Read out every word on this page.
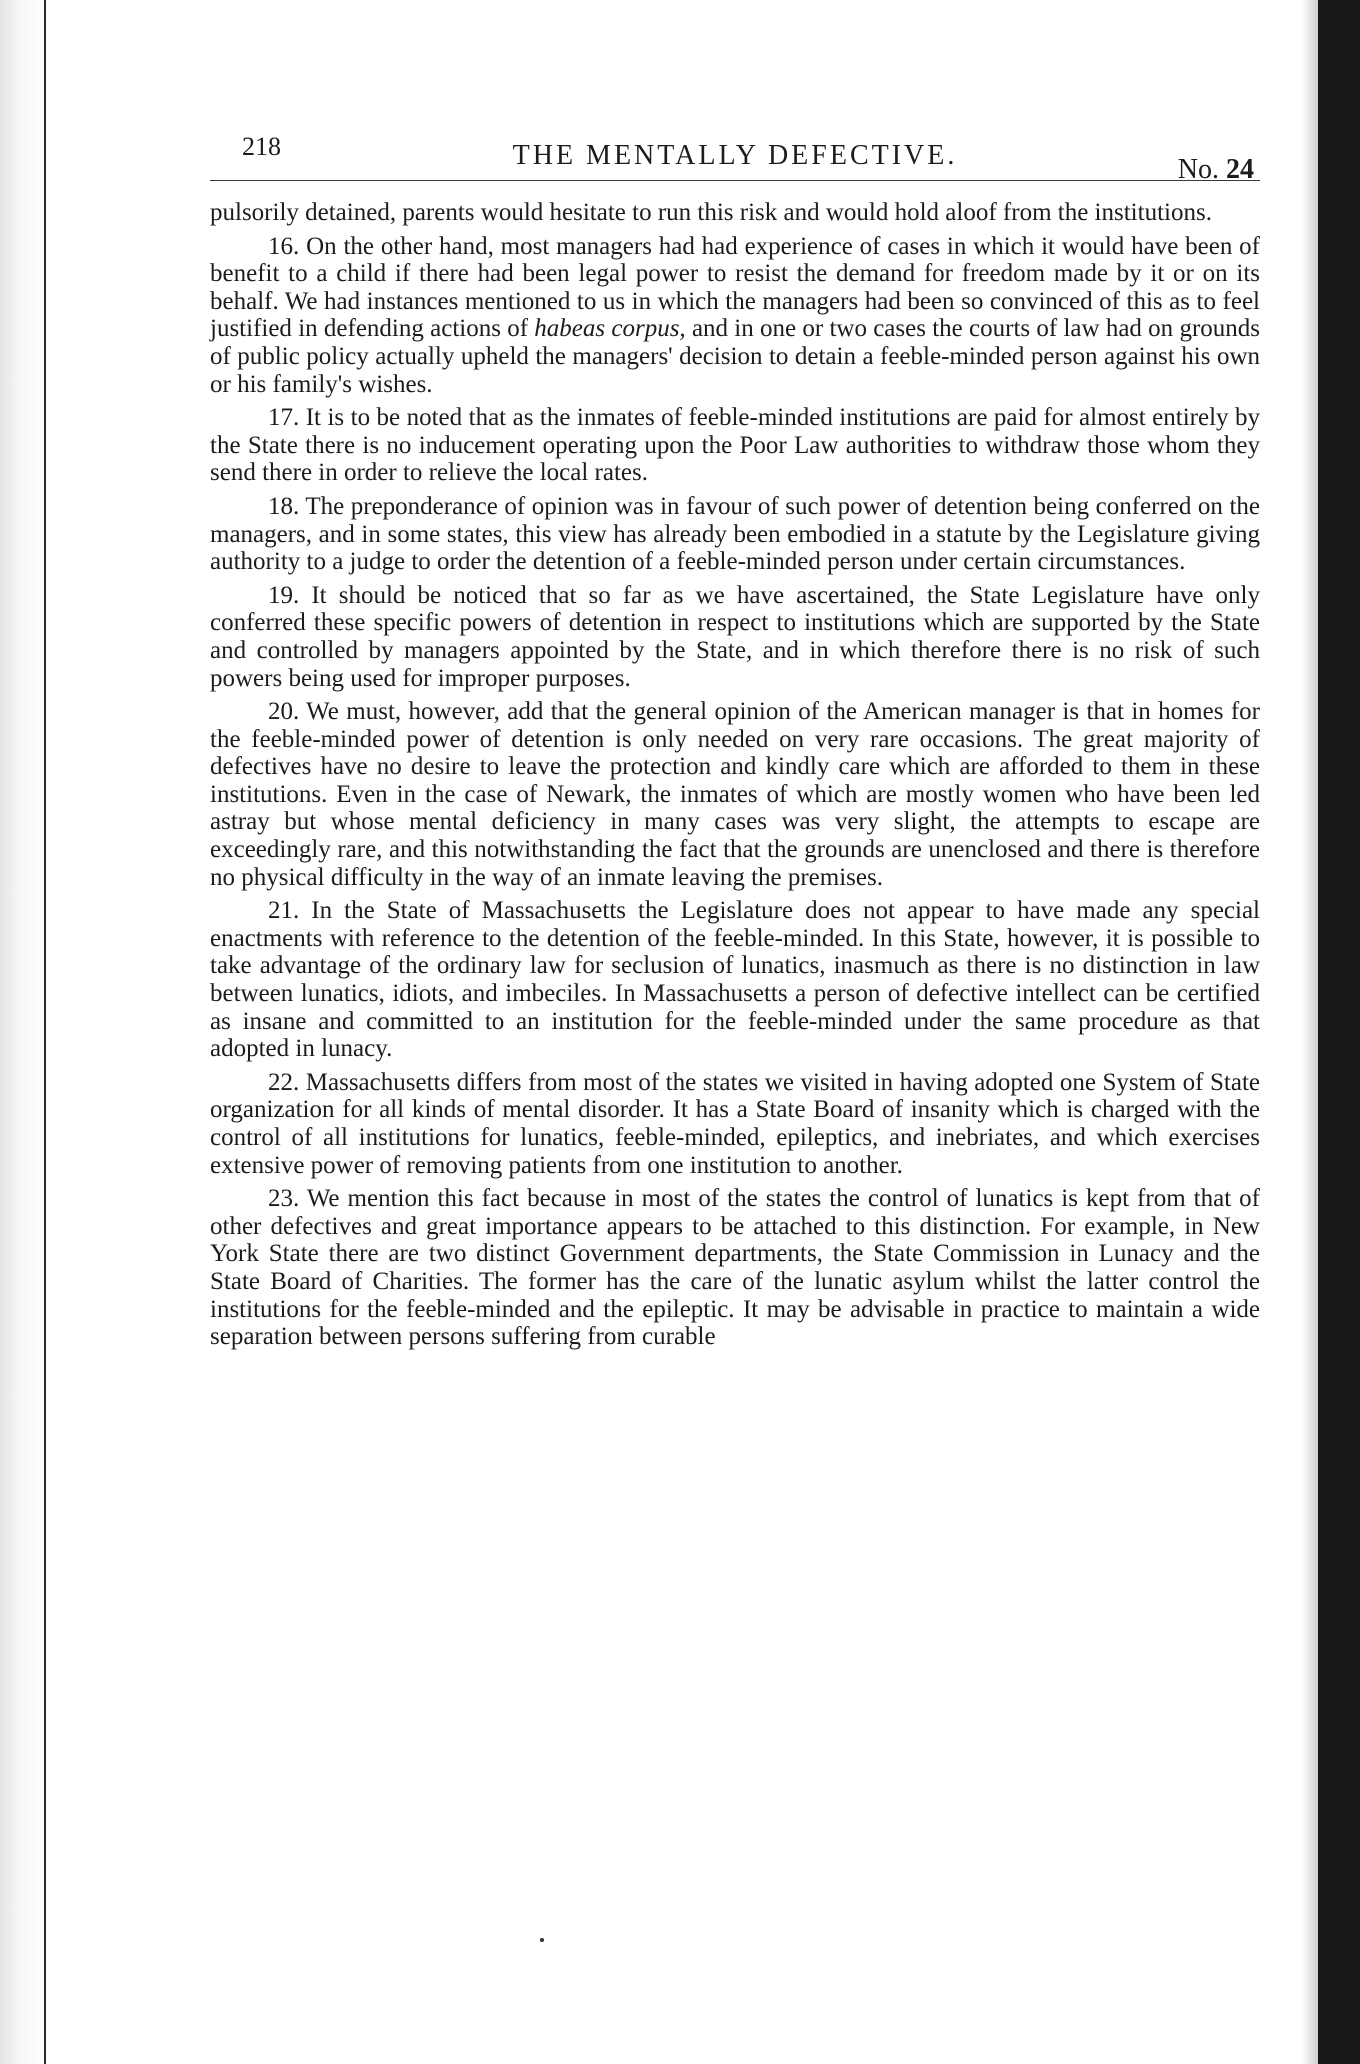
218	THE MENTALLY DEFECTIVE.	No. 24

pulsorily detained, parents would hesitate to run this risk and would hold aloof from the institutions.

16. On the other hand, most managers had had experience of cases in which it would have been of benefit to a child if there had been legal power to resist the demand for freedom made by it or on its behalf. We had instances mentioned to us in which the managers had been so convinced of this as to feel justified in defending actions of habeas corpus, and in one or two cases the courts of law had on grounds of public policy actually upheld the managers' decision to detain a feeble-minded person against his own or his family's wishes.

17. It is to be noted that as the inmates of feeble-minded institutions are paid for almost entirely by the State there is no inducement operating upon the Poor Law authorities to withdraw those whom they send there in order to relieve the local rates.

18. The preponderance of opinion was in favour of such power of detention being conferred on the managers, and in some states, this view has already been embodied in a statute by the Legislature giving authority to a judge to order the detention of a feeble-minded person under certain circumstances.

19. It should be noticed that so far as we have ascertained, the State Legislature have only conferred these specific powers of detention in respect to institutions which are supported by the State and controlled by managers appointed by the State, and in which therefore there is no risk of such powers being used for improper purposes.

20. We must, however, add that the general opinion of the American manager is that in homes for the feeble-minded power of detention is only needed on very rare occasions. The great majority of defectives have no desire to leave the protection and kindly care which are afforded to them in these institutions. Even in the case of Newark, the inmates of which are mostly women who have been led astray but whose mental deficiency in many cases was very slight, the attempts to escape are exceedingly rare, and this notwithstanding the fact that the grounds are unenclosed and there is therefore no physical difficulty in the way of an inmate leaving the premises.

21. In the State of Massachusetts the Legislature does not appear to have made any special enactments with reference to the detention of the feeble-minded. In this State, however, it is possible to take advantage of the ordinary law for seclusion of lunatics, inasmuch as there is no distinction in law between lunatics, idiots, and imbeciles. In Massachusetts a person of defective intellect can be certified as insane and committed to an institution for the feeble-minded under the same procedure as that adopted in lunacy.

22. Massachusetts differs from most of the states we visited in having adopted one System of State organization for all kinds of mental disorder. It has a State Board of insanity which is charged with the control of all institutions for lunatics, feeble-minded, epileptics, and inebriates, and which exercises extensive power of removing patients from one institution to another.

23. We mention this fact because in most of the states the control of lunatics is kept from that of other defectives and great importance appears to be attached to this distinction. For example, in New York State there are two distinct Government departments, the State Commission in Lunacy and the State Board of Charities. The former has the care of the lunatic asylum whilst the latter control the institutions for the feeble-minded and the epileptic. It may be advisable in practice to maintain a wide separation between persons suffering from curable
